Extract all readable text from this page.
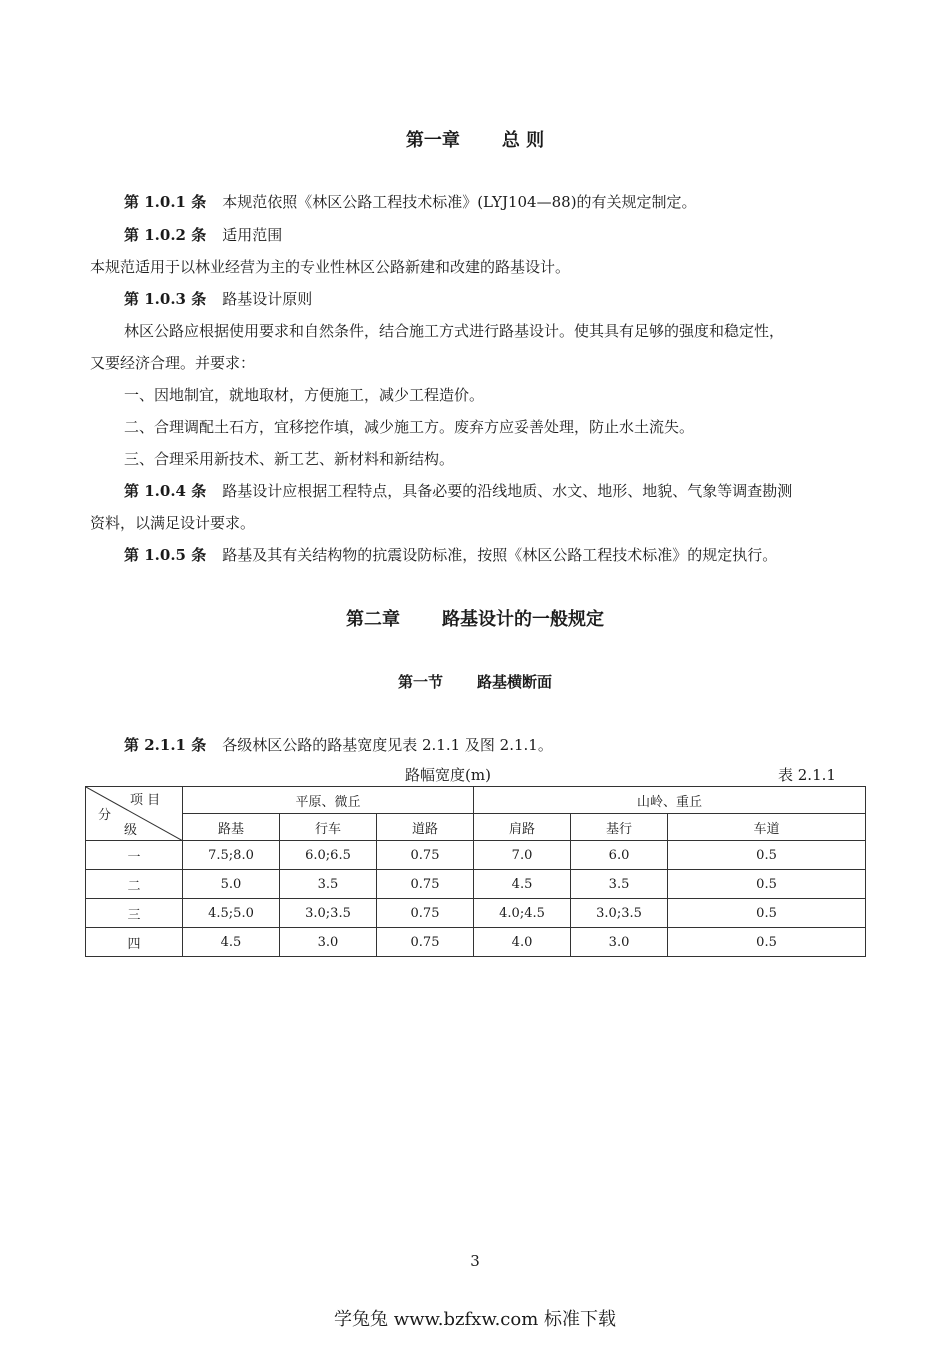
第一章 总 则
第 1.0.1 条 本规范依照《林区公路工程技术标准》(LYJ104—88)的有关规定制定。
第 1.0.2 条 适用范围
本规范适用于以林业经营为主的专业性林区公路新建和改建的路基设计。
第 1.0.3 条 路基设计原则
林区公路应根据使用要求和自然条件，结合施工方式进行路基设计。使其具有足够的强度和稳定性，
又要经济合理。并要求：
一、因地制宜，就地取材，方便施工，减少工程造价。
二、合理调配土石方，宜移挖作填，减少施工方。废弃方应妥善处理，防止水土流失。
三、合理采用新技术、新工艺、新材料和新结构。
第 1.0.4 条 路基设计应根据工程特点，具备必要的沿线地质、水文、地形、地貌、气象等调查勘测
资料，以满足设计要求。
第 1.0.5 条 路基及其有关结构物的抗震设防标准，按照《林区公路工程技术标准》的规定执行。
第二章 路基设计的一般规定
第一节 路基横断面
第 2.1.1 条 各级林区公路的路基宽度见表 2.1.1 及图 2.1.1。
路幅宽度(m)	表 2.1.1
项 目
分
级	平原、微丘			山岭、重丘		
	路基	行车	道路	肩路	基行	车道
一	7.5;8.0	6.0;6.5	0.75	7.0	6.0	0.5
二	5.0	3.5	0.75	4.5	3.5	0.5
三	4.5;5.0	3.0;3.5	0.75	4.0;4.5	3.0;3.5	0.5
四	4.5	3.0	0.75	4.0	3.0	0.5
3
学兔兔 www.bzfxw.com 标准下载
